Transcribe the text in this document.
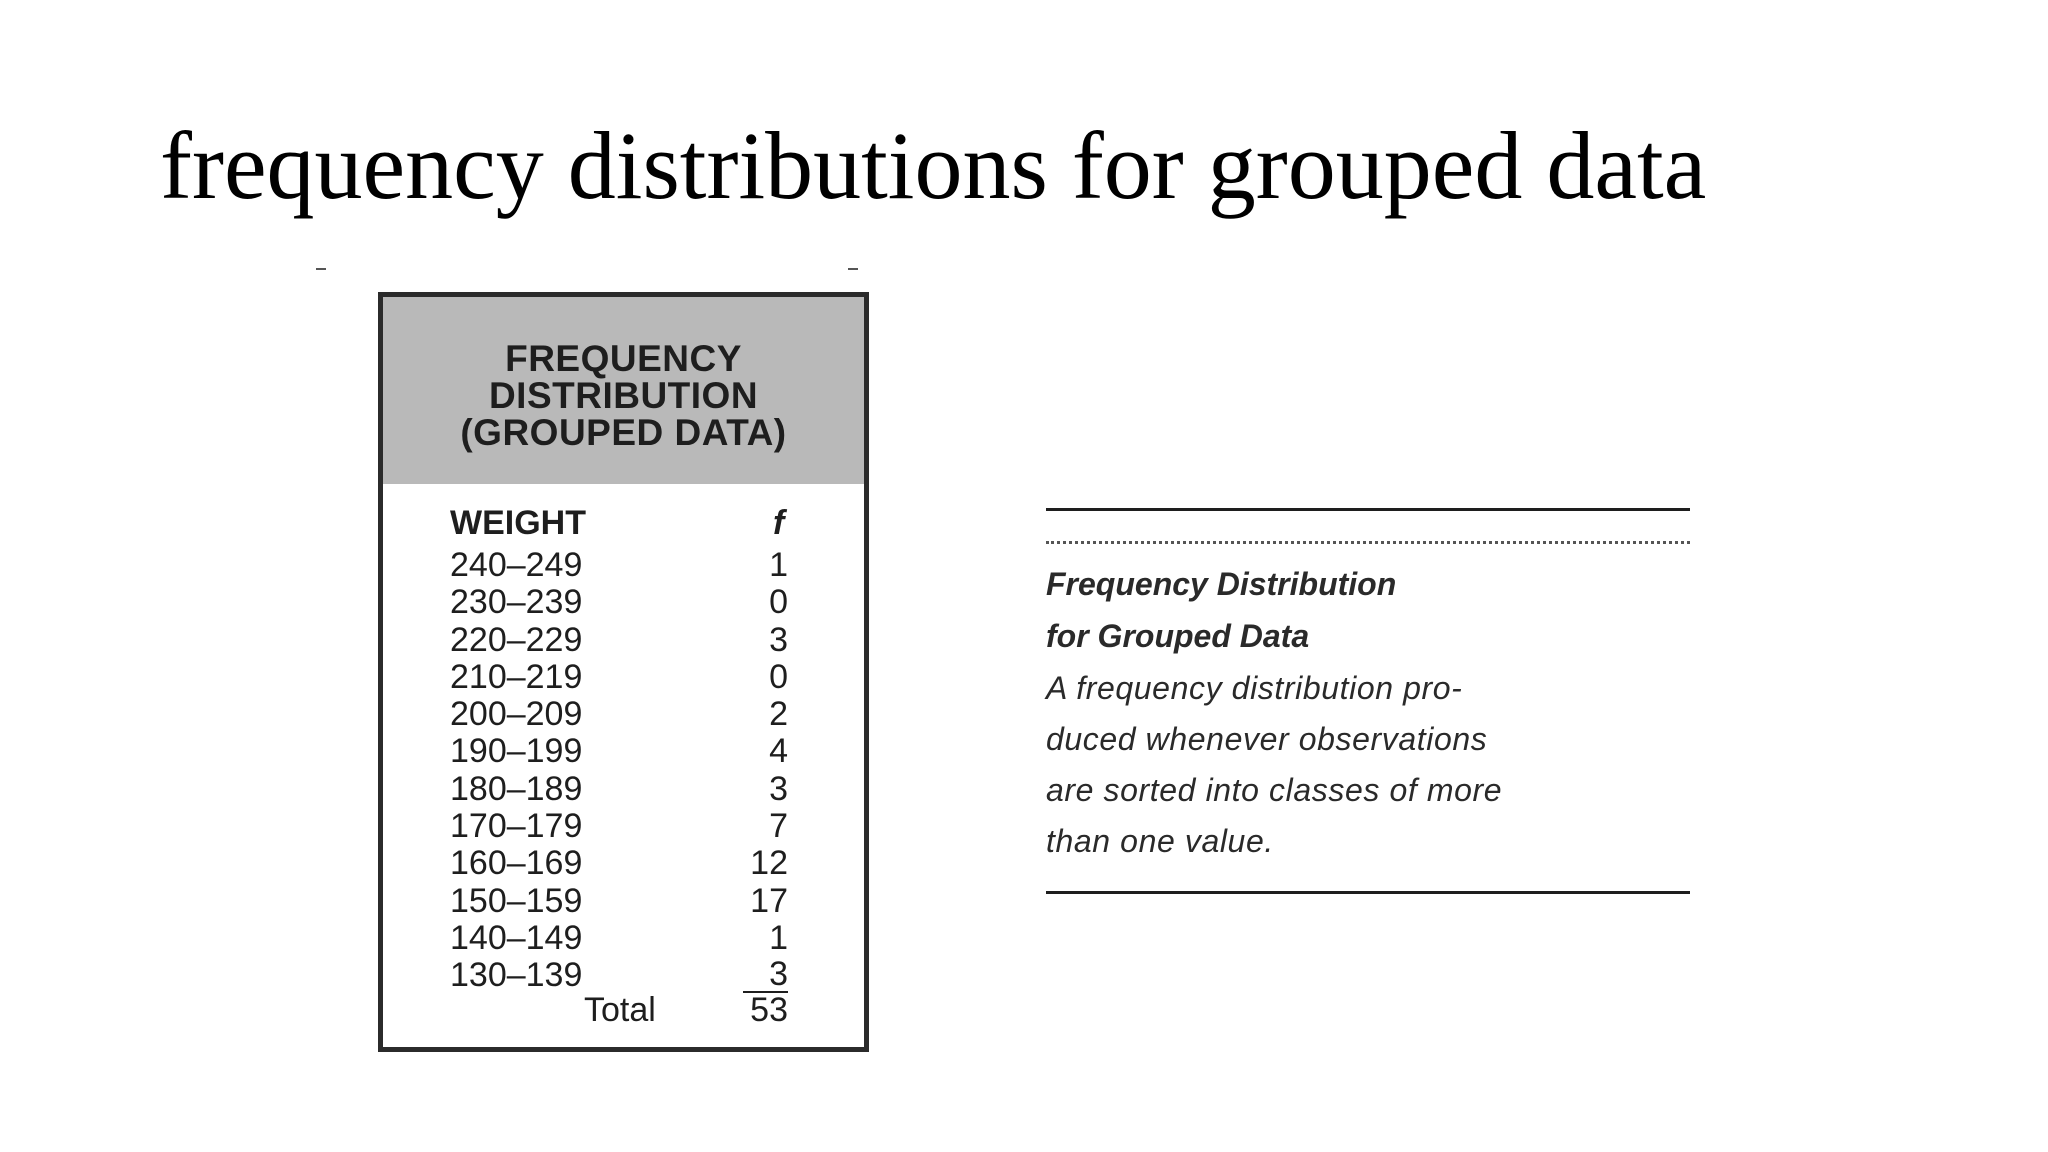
frequency distributions for grouped data
FREQUENCY
DISTRIBUTION
(GROUPED DATA)
WEIGHT	f
240–249	1
230–239	0
220–229	3
210–219	0
200–209	2
190–199	4
180–189	3
170–179	7
160–169	12
150–159	17
140–149	1
130–139	3
Total	53
Frequency Distribution
for Grouped Data
A frequency distribution pro-
duced whenever observations
are sorted into classes of more
than one value.
